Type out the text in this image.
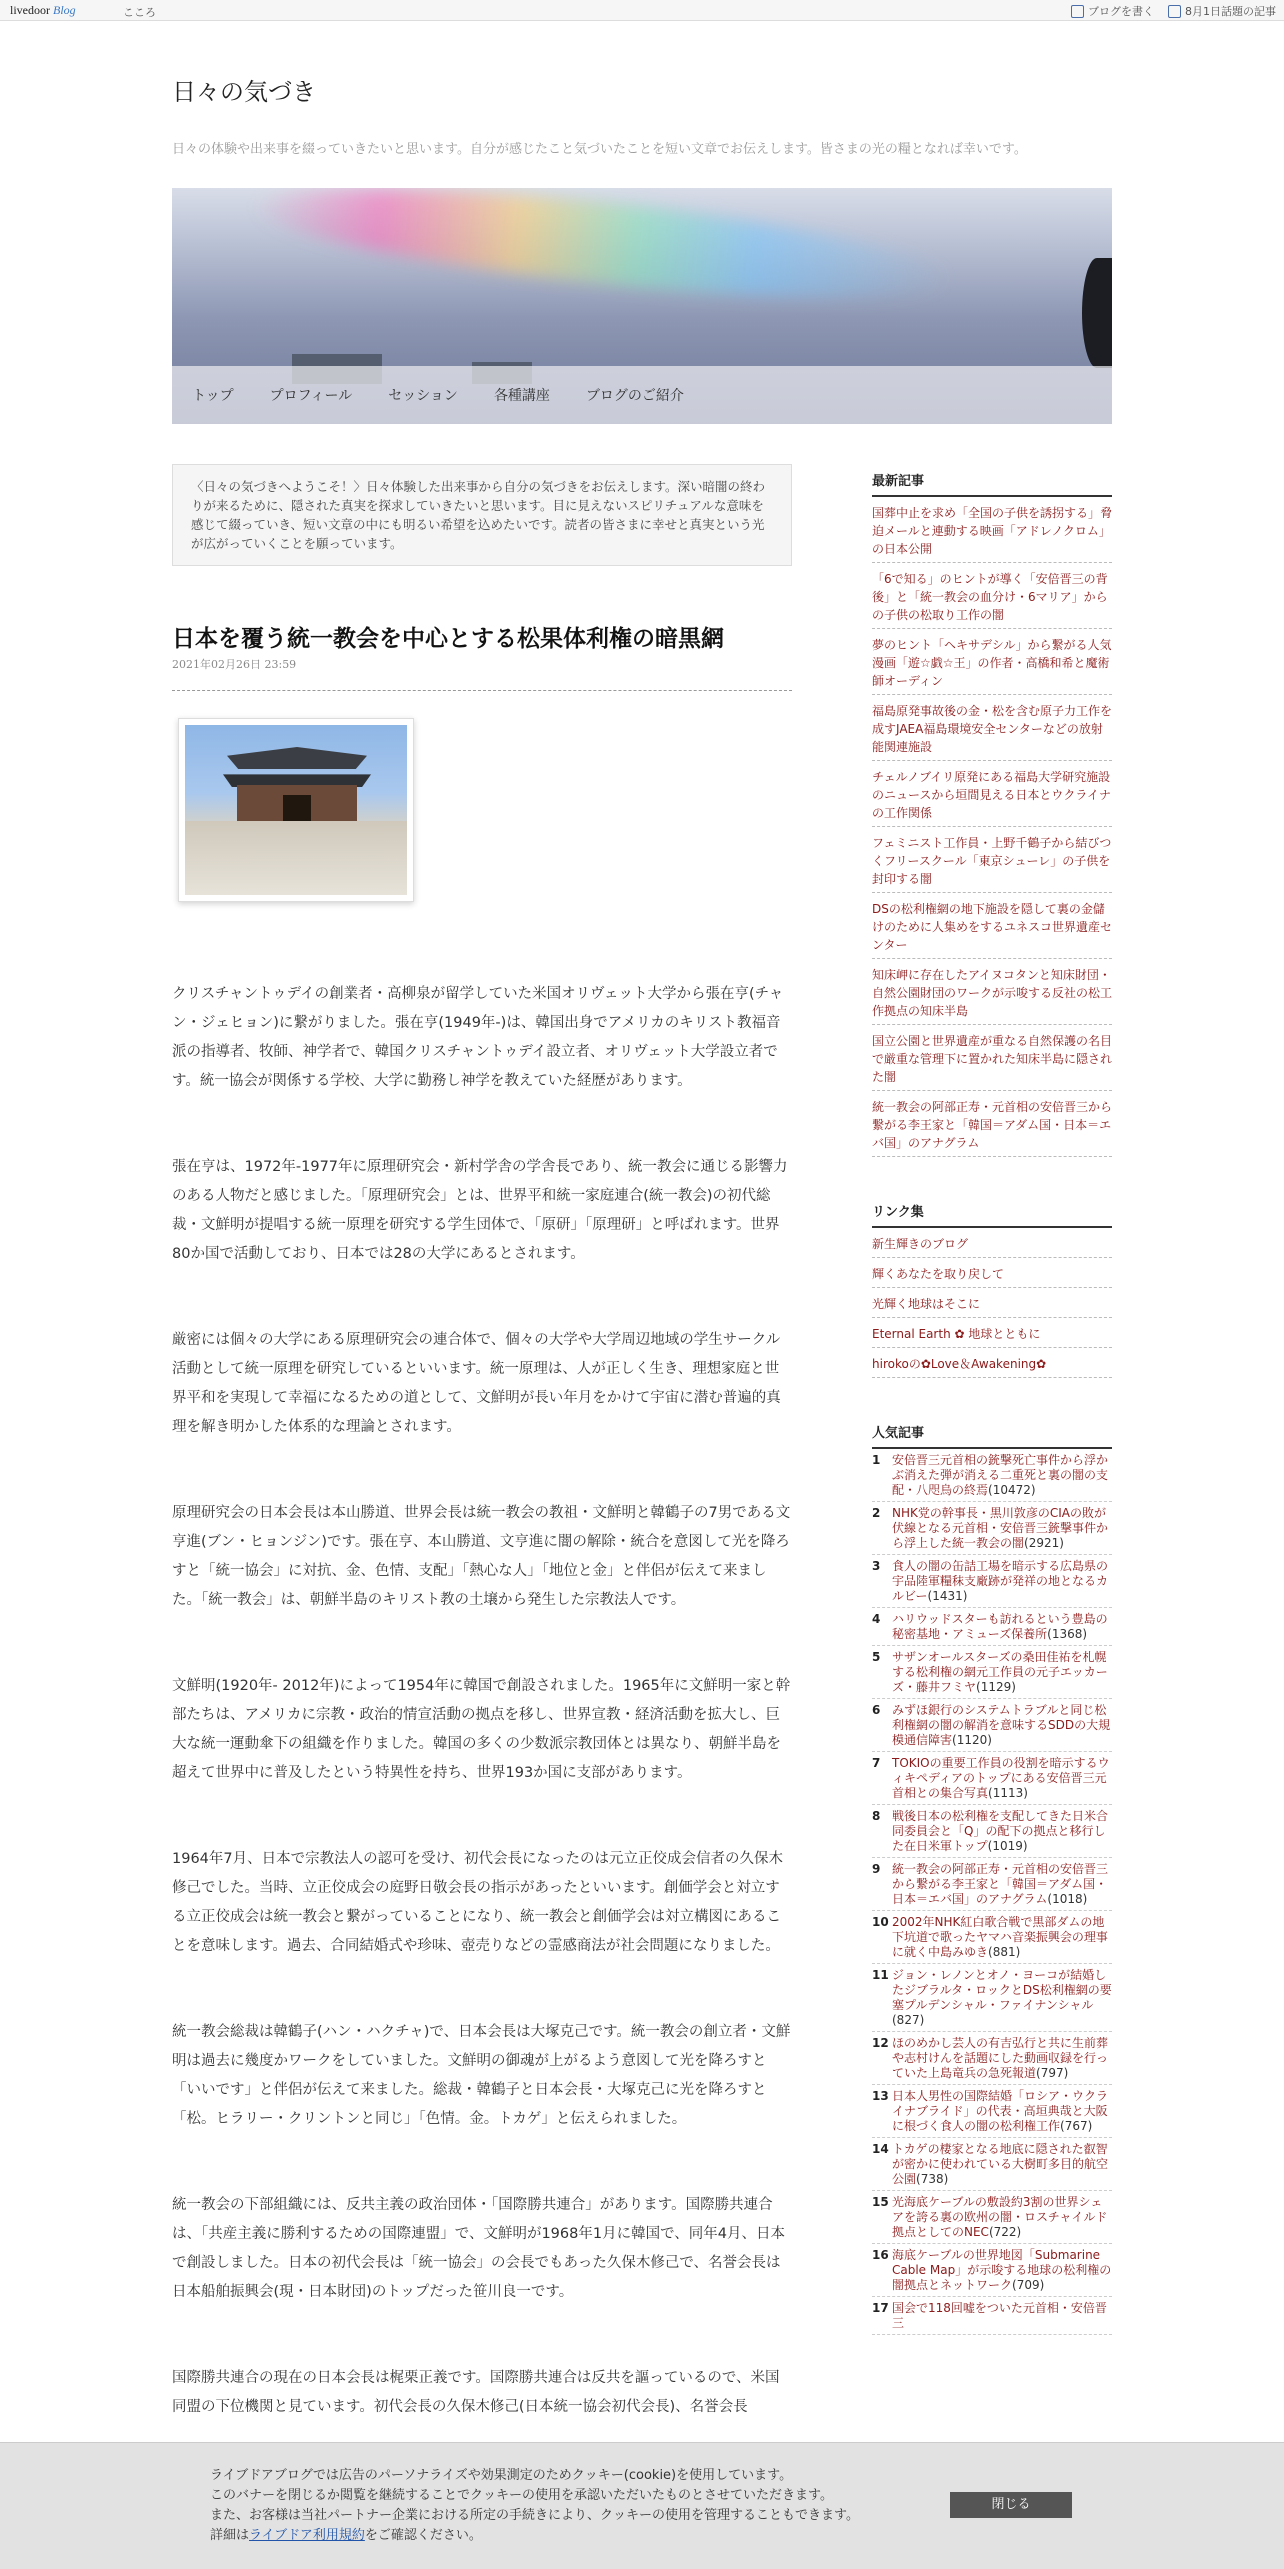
livedoor Blog	こころ	ブログを書く	8月1日話題の記事
日々の気づき
日々の体験や出来事を綴っていきたいと思います。自分が感じたこと気づいたことを短い文章でお伝えします。皆さまの光の糧となれば幸いです。
トップ	プロフィール	セッション	各種講座	ブログのご紹介
〈日々の気づきへようこそ！〉日々体験した出来事から自分の気づきをお伝えします。深い暗闇の終わりが来るために、隠された真実を探求していきたいと思います。目に見えないスピリチュアルな意味を感じて綴っていき、短い文章の中にも明るい希望を込めたいです。読者の皆さまに幸せと真実という光が広がっていくことを願っています。
日本を覆う統一教会を中心とする松果体利権の暗黒網
2021年02月26日 23:59

クリスチャントゥデイの創業者・高柳泉が留学していた米国オリヴェット大学から張在亨(チャン・ジェヒョン)に繋がりました。張在亨(1949年-)は、韓国出身でアメリカのキリスト教福音派の指導者、牧師、神学者で、韓国クリスチャントゥデイ設立者、オリヴェット大学設立者です。統一協会が関係する学校、大学に勤務し神学を教えていた経歴があります。

張在亨は、1972年-1977年に原理研究会・新村学舎の学舎長であり、統一教会に通じる影響力のある人物だと感じました。「原理研究会」とは、世界平和統一家庭連合(統一教会)の初代総裁・文鮮明が提唱する統一原理を研究する学生団体で、「原研」「原理研」と呼ばれます。世界80か国で活動しており、日本では28の大学にあるとされます。

厳密には個々の大学にある原理研究会の連合体で、個々の大学や大学周辺地域の学生サークル活動として統一原理を研究しているといいます。統一原理は、人が正しく生き、理想家庭と世界平和を実現して幸福になるための道として、文鮮明が長い年月をかけて宇宙に潜む普遍的真理を解き明かした体系的な理論とされます。

原理研究会の日本会長は本山勝道、世界会長は統一教会の教祖・文鮮明と韓鶴子の7男である文亨進(ブン・ヒョンジン)です。張在亨、本山勝道、文亨進に闇の解除・統合を意図して光を降ろすと「統一協会」に対抗、金、色情、支配」「熱心な人」「地位と金」と伴侶が伝えて来ました。「統一教会」は、朝鮮半島のキリスト教の土壌から発生した宗教法人です。

文鮮明(1920年- 2012年)によって1954年に韓国で創設されました。1965年に文鮮明一家と幹部たちは、アメリカに宗教・政治的情宣活動の拠点を移し、世界宣教・経済活動を拡大し、巨大な統一運動傘下の組織を作りました。韓国の多くの少数派宗教団体とは異なり、朝鮮半島を超えて世界中に普及したという特異性を持ち、世界193か国に支部があります。

1964年7月、日本で宗教法人の認可を受け、初代会長になったのは元立正佼成会信者の久保木修己でした。当時、立正佼成会の庭野日敬会長の指示があったといいます。創価学会と対立する立正佼成会は統一教会と繋がっていることになり、統一教会と創価学会は対立構図にあることを意味します。過去、合同結婚式や珍味、壺売りなどの霊感商法が社会問題になりました。

統一教会総裁は韓鶴子(ハン・ハクチャ)で、日本会長は大塚克己です。統一教会の創立者・文鮮明は過去に幾度かワークをしていました。文鮮明の御魂が上がるよう意図して光を降ろすと「いいです」と伴侶が伝えて来ました。総裁・韓鶴子と日本会長・大塚克己に光を降ろすと「松。ヒラリー・クリントンと同じ」「色情。金。トカゲ」と伝えられました。

統一教会の下部組織には、反共主義の政治団体・「国際勝共連合」があります。国際勝共連合は、「共産主義に勝利するための国際連盟」で、文鮮明が1968年1月に韓国で、同年4月、日本で創設しました。日本の初代会長は「統一協会」の会長でもあった久保木修己で、名誉会長は日本船舶振興会(現・日本財団)のトップだった笹川良一です。

国際勝共連合の現在の日本会長は梶栗正義です。国際勝共連合は反共を謳っているので、米国同盟の下位機関と見ています。初代会長の久保木修己(日本統一協会初代会長)、名誉会長

最新記事
国葬中止を求め「全国の子供を誘拐する」脅迫メールと連動する映画「アドレノクロム」の日本公開
「6で知る」のヒントが導く「安倍晋三の背後」と「統一教会の血分け・6マリア」からの子供の松取り工作の闇
夢のヒント「ヘキサデシル」から繋がる人気漫画「遊☆戯☆王」の作者・高橋和希と魔術師オーディン
福島原発事故後の金・松を含む原子力工作を成すJAEA福島環境安全センターなどの放射能関連施設
チェルノブイリ原発にある福島大学研究施設のニュースから垣間見える日本とウクライナの工作関係
フェミニスト工作員・上野千鶴子から結びつくフリースクール「東京シューレ」の子供を封印する闇
DSの松利権網の地下施設を隠して裏の金儲けのために人集めをするユネスコ世界遺産センター
知床岬に存在したアイヌコタンと知床財団・自然公園財団のワークが示唆する反社の松工作拠点の知床半島
国立公園と世界遺産が重なる自然保護の名目で厳重な管理下に置かれた知床半島に隠された闇
統一教会の阿部正寿・元首相の安倍晋三から繋がる李王家と「韓国＝アダム国・日本＝エバ国」のアナグラム
リンク集
新生輝きのブログ
輝くあなたを取り戻して
光輝く地球はそこに
Eternal Earth ✿ 地球とともに
hirokoの✿Love＆Awakening✿
人気記事
1 安倍晋三元首相の銃撃死亡事件から浮かぶ消えた弾が消える二重死と裏の闇の支配・八咫烏の終焉(10472)
2 NHK党の幹事長・黒川敦彦のCIAの敗が伏線となる元首相・安倍晋三銃撃事件から浮上した統一教会の闇(2921)
3 食人の闇の缶詰工場を暗示する広島県の宇品陸軍糧秣支廠跡が発祥の地となるカルビー(1431)
4 ハリウッドスターも訪れるという豊島の秘密基地・アミューズ保養所(1368)
5 サザンオールスターズの桑田佳祐を札幌する松利権の網元工作員の元子エッカーズ・藤井フミヤ(1129)
6 みずほ銀行のシステムトラブルと同じ松利権網の闇の解消を意味するSDDの大規模通信障害(1120)
7 TOKIOの重要工作員の役割を暗示するウィキペディアのトップにある安倍晋三元首相との集合写真(1113)
8 戦後日本の松利権を支配してきた日米合同委員会と「Q」の配下の拠点と移行した在日米軍トップ(1019)
9 統一教会の阿部正寿・元首相の安倍晋三から繋がる李王家と「韓国＝アダム国・日本＝エバ国」のアナグラム(1018)
10 2002年NHK紅白歌合戦で黒部ダムの地下坑道で歌ったヤマハ音楽振興会の理事に就く中島みゆき(881)
11 ジョン・レノンとオノ・ヨーコが結婚したジブラルタ・ロックとDS松利権網の要塞プルデンシャル・ファイナンシャル(827)
12 ほのめかし芸人の有吉弘行と共に生前葬や志村けんを話題にした動画収録を行っていた上島竜兵の急死報道(797)
13 日本人男性の国際結婚「ロシア・ウクライナブライド」の代表・高垣典哉と大阪に根づく食人の闇の松利権工作(767)
14 トカゲの棲家となる地底に隠された叡智が密かに使われている大樹町多目的航空公園(738)
15 光海底ケーブルの敷設約3割の世界シェアを誇る裏の欧州の闇・ロスチャイルド拠点としてのNEC(722)
16 海底ケーブルの世界地図「Submarine Cable Map」が示唆する地球の松利権の闇拠点とネットワーク(709)
17 国会で118回嘘をついた元首相・安倍晋三
ライブドアブログでは広告のパーソナライズや効果測定のためクッキー(cookie)を使用しています。
このバナーを閉じるか閲覧を継続することでクッキーの使用を承認いただいたものとさせていただきます。
また、お客様は当社パートナー企業における所定の手続きにより、クッキーの使用を管理することもできます。
詳細はライブドア利用規約をご確認ください。
閉じる
